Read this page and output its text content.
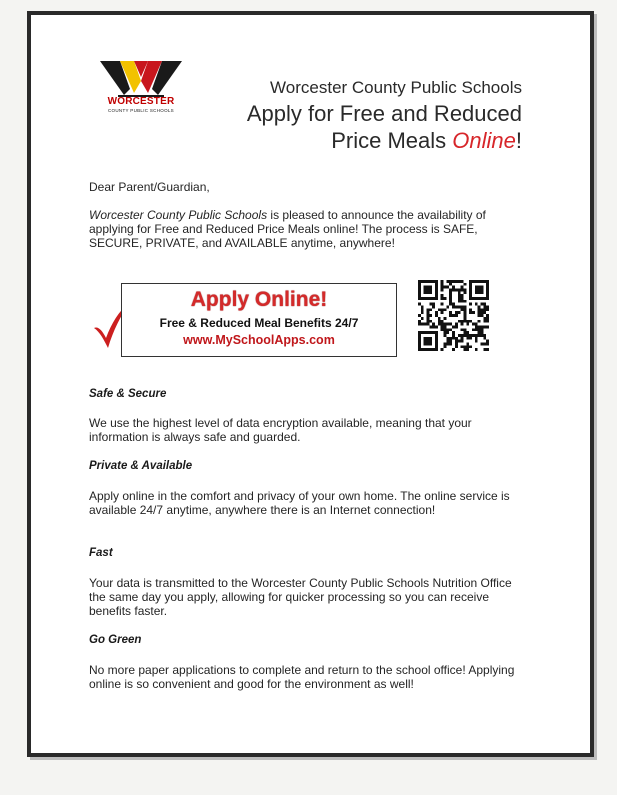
WORCESTER
COUNTY PUBLIC SCHOOLS
Worcester County Public Schools
Apply for Free and Reduced
Price Meals Online!
Dear Parent/Guardian,
Worcester County Public Schools is pleased to announce the availability of applying for Free and Reduced Price Meals online! The process is SAFE, SECURE, PRIVATE, and AVAILABLE anytime, anywhere!
Apply Online!
Free & Reduced Meal Benefits 24/7
www.MySchoolApps.com
Safe & Secure
We use the highest level of data encryption available, meaning that your information is always safe and guarded.
Private & Available
Apply online in the comfort and privacy of your own home. The online service is available 24/7 anytime, anywhere there is an Internet connection!
Fast
Your data is transmitted to the Worcester County Public Schools Nutrition Office the same day you apply, allowing for quicker processing so you can receive benefits faster.
Go Green
No more paper applications to complete and return to the school office! Applying online is so convenient and good for the environment as well!
